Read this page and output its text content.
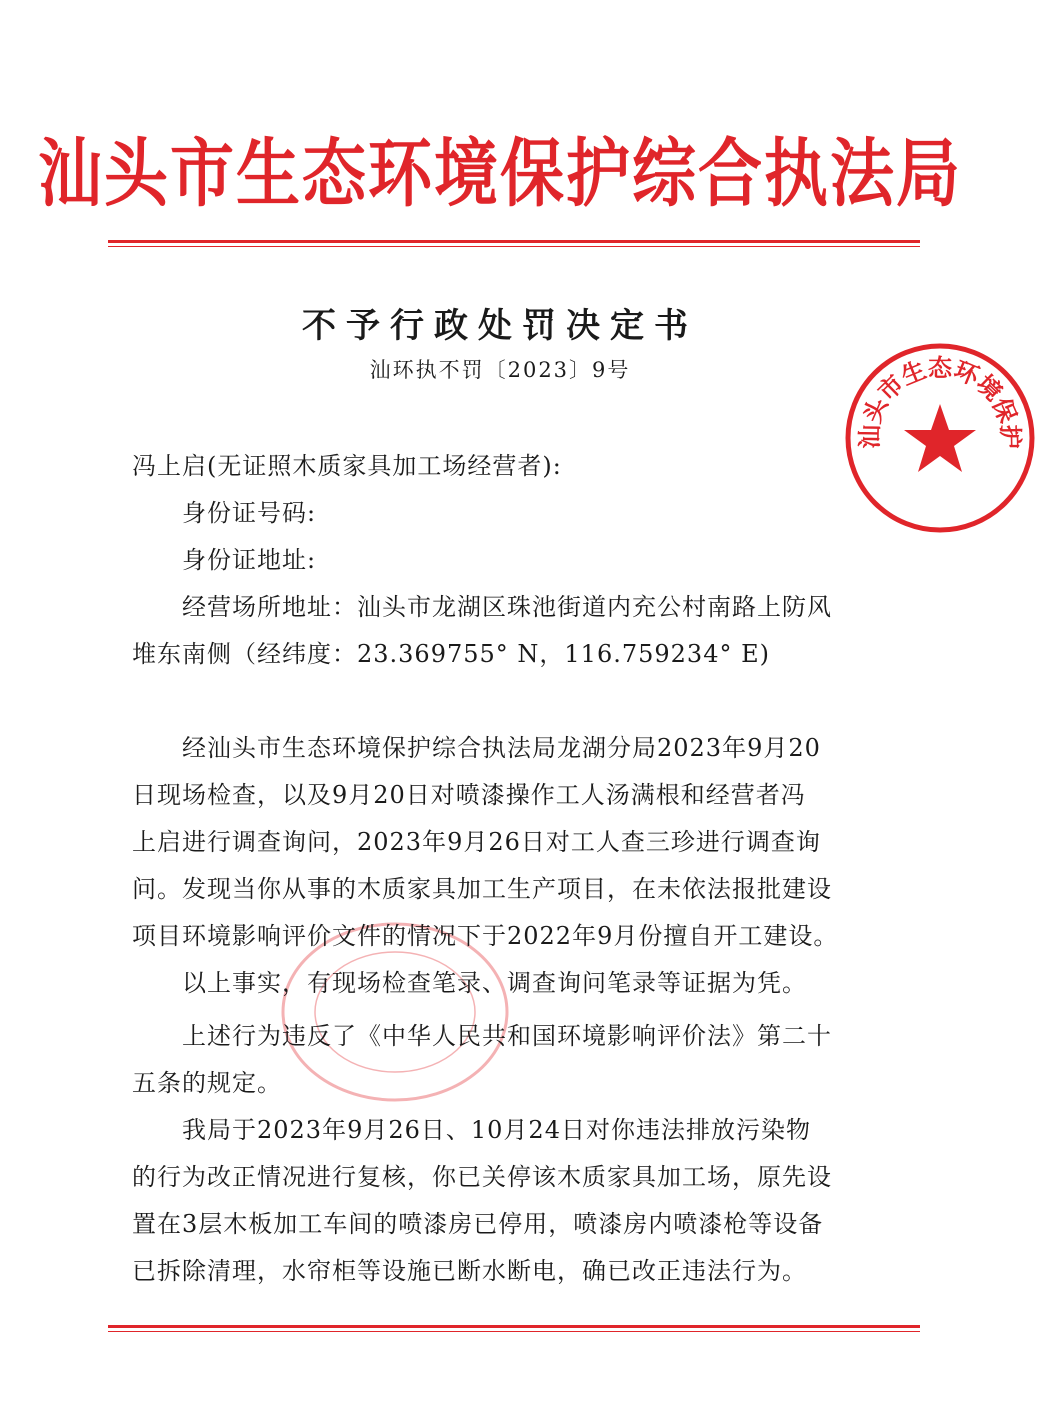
汕头市生态环境保护综合执法局
不予行政处罚决定书
汕环执不罚〔2023〕9号
汕头市生态环境保护
冯上启(无证照木质家具加工场经营者):
身份证号码:
身份证地址:
经营场所地址：汕头市龙湖区珠池街道内充公村南路上防风
堆东南侧（经纬度：23.369755° N，116.759234° E)
经汕头市生态环境保护综合执法局龙湖分局2023年9月20
日现场检查，以及9月20日对喷漆操作工人汤满根和经营者冯
上启进行调查询问，2023年9月26日对工人查三珍进行调查询
问。发现当你从事的木质家具加工生产项目，在未依法报批建设
项目环境影响评价文件的情况下于2022年9月份擅自开工建设。
以上事实，有现场检查笔录、调查询问笔录等证据为凭。
上述行为违反了《中华人民共和国环境影响评价法》第二十
五条的规定。
我局于2023年9月26日、10月24日对你违法排放污染物
的行为改正情况进行复核，你已关停该木质家具加工场，原先设
置在3层木板加工车间的喷漆房已停用，喷漆房内喷漆枪等设备
已拆除清理，水帘柜等设施已断水断电，确已改正违法行为。
